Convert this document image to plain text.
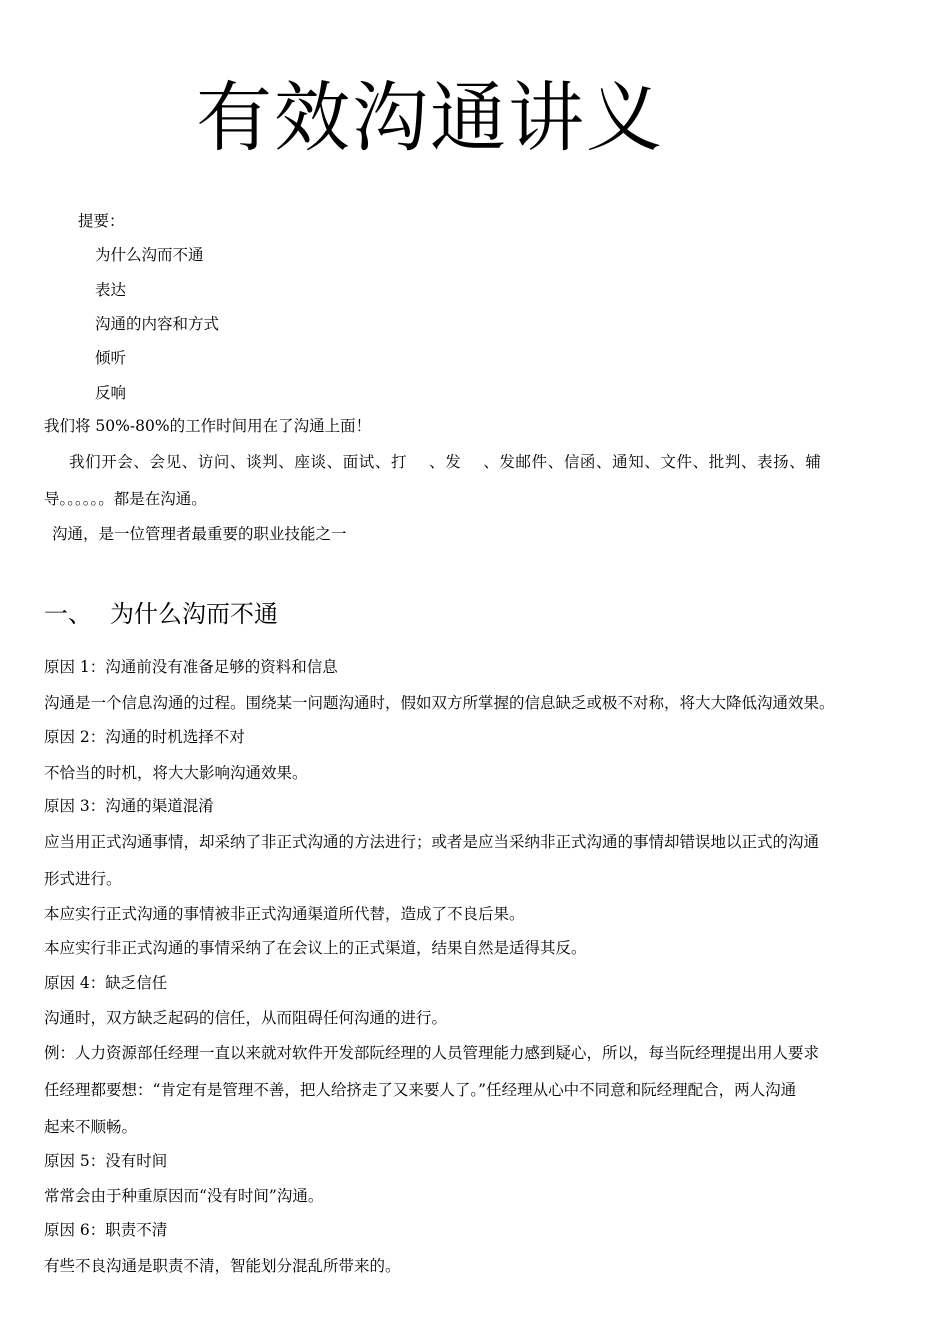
有效沟通讲义
提要：
为什么沟而不通
表达
沟通的内容和方式
倾听
反响
我们将 50%-80%的工作时间用在了沟通上面！
我们开会、会见、访问、谈判、座谈、面试、打 、发 、发邮件、信函、通知、文件、批判、表扬、辅
导。。。。。。都是在沟通。
沟通，是一位管理者最重要的职业技能之一
一、 为什么沟而不通
原因 1：沟通前没有准备足够的资料和信息
沟通是一个信息沟通的过程。围绕某一问题沟通时，假如双方所掌握的信息缺乏或极不对称，将大大降低沟通效果。
原因 2：沟通的时机选择不对
不恰当的时机，将大大影响沟通效果。
原因 3：沟通的渠道混淆
应当用正式沟通事情，却采纳了非正式沟通的方法进行；或者是应当采纳非正式沟通的事情却错误地以正式的沟通
形式进行。
本应实行正式沟通的事情被非正式沟通渠道所代替，造成了不良后果。
本应实行非正式沟通的事情采纳了在会议上的正式渠道，结果自然是适得其反。
原因 4：缺乏信任
沟通时，双方缺乏起码的信任，从而阻碍任何沟通的进行。
例：人力资源部任经理一直以来就对软件开发部阮经理的人员管理能力感到疑心，所以，每当阮经理提出用人要求
任经理都要想：“肯定有是管理不善，把人给挤走了又来要人了。”任经理从心中不同意和阮经理配合，两人沟通
起来不顺畅。
原因 5：没有时间
常常会由于种重原因而“没有时间”沟通。
原因 6：职责不清
有些不良沟通是职责不清，智能划分混乱所带来的。
